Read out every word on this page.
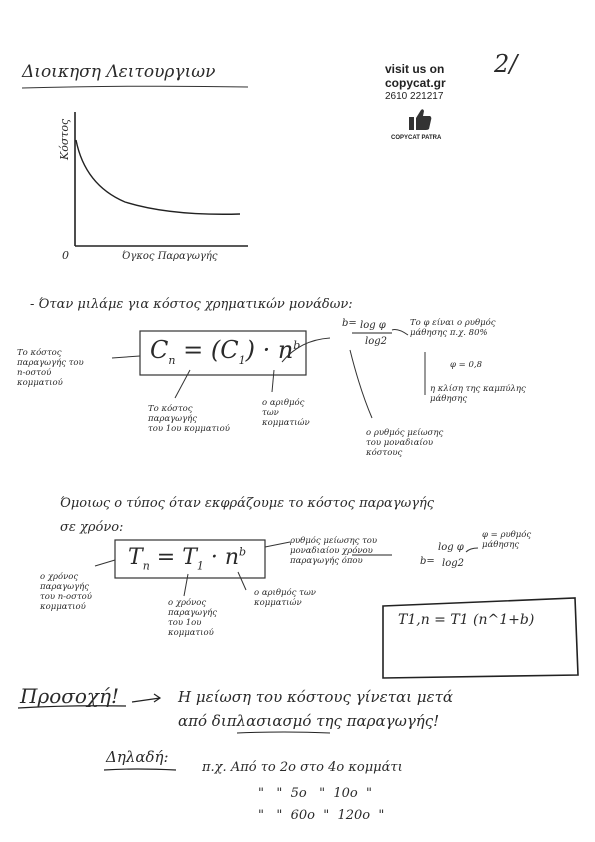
2/
Διοικηση Λειτουργιων	visit us on
copycat.gr
2610 221217
COPYCAT PATRA
Κόστος
Όγκος Παραγωγής
0
- Όταν μιλάμε για κόστος χρηματικών μονάδων:
$C_n = (C_1) \cdot n^b$
b= log φ
log2
Το φ είναι ο ρυθμός
μάθησης π.χ. 80%
φ = 0,8
η κλίση της καμπύλης
μάθησης
Το κόστος
παραγωγής του
n-οστού
κομματιού
Το κόστος
παραγωγής
του 1ου κομματιού
ο αριθμός
των
κομματιών
ο ρυθμός μείωσης
του μοναδιαίου
κόστους
Όμοιως ο τύπος όταν εκφράζουμε το κόστος παραγωγής
σε χρόνο:
$T_n = T_1 \cdot n^b$
ρυθμός μείωσης του
μοναδιαίου χρόνου
παραγωγής όπου	b=
log φ
log2
φ = ρυθμός
μάθησης
ο χρόνος
παραγωγής
του n-οστού
κομματιού	ο χρόνος
παραγωγής
του 1ου
κομματιού
ο αριθμός των
κομματιών
T1,n = T1 (n^1+b)
Προσοχή!	Η μείωση του κόστους γίνεται μετά
από διπλασιασμό της παραγωγής!
Δηλαδή:
π.χ. Από το 2ο στο 4ο κομμάτι
"   "  5ο   "  10ο  "
"   "  60ο  "  120ο  "
